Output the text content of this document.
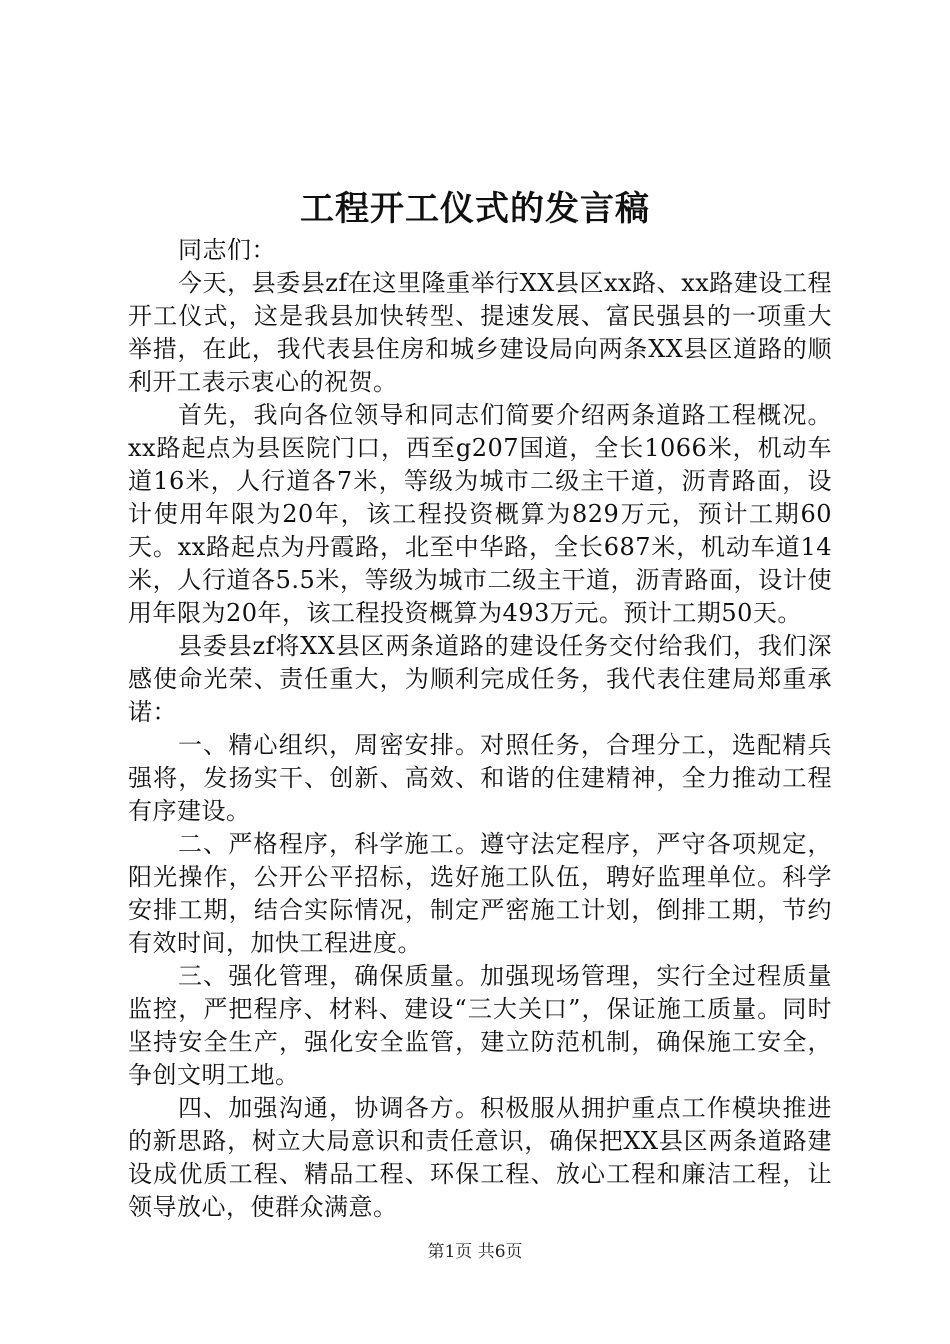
工程开工仪式的发言稿

同志们：

今天，县委县zf在这里隆重举行XX县区xx路、xx路建设工程开工仪式，这是我县加快转型、提速发展、富民强县的一项重大举措，在此，我代表县住房和城乡建设局向两条XX县区道路的顺利开工表示衷心的祝贺。

首先，我向各位领导和同志们简要介绍两条道路工程概况。xx路起点为县医院门口，西至g207国道，全长1066米，机动车道16米，人行道各7米，等级为城市二级主干道，沥青路面，设计使用年限为20年，该工程投资概算为829万元，预计工期60天。xx路起点为丹霞路，北至中华路，全长687米，机动车道14米，人行道各5.5米，等级为城市二级主干道，沥青路面，设计使用年限为20年，该工程投资概算为493万元。预计工期50天。

县委县zf将XX县区两条道路的建设任务交付给我们，我们深感使命光荣、责任重大，为顺利完成任务，我代表住建局郑重承诺：

一、精心组织，周密安排。对照任务，合理分工，选配精兵强将，发扬实干、创新、高效、和谐的住建精神，全力推动工程有序建设。

二、严格程序，科学施工。遵守法定程序，严守各项规定，阳光操作，公开公平招标，选好施工队伍，聘好监理单位。科学安排工期，结合实际情况，制定严密施工计划，倒排工期，节约有效时间，加快工程进度。

三、强化管理，确保质量。加强现场管理，实行全过程质量监控，严把程序、材料、建设“三大关口”，保证施工质量。同时坚持安全生产，强化安全监管，建立防范机制，确保施工安全，争创文明工地。

四、加强沟通，协调各方。积极服从拥护重点工作模块推进的新思路，树立大局意识和责任意识，确保把XX县区两条道路建设成优质工程、精品工程、环保工程、放心工程和廉洁工程，让领导放心，使群众满意。

第1页 共6页
